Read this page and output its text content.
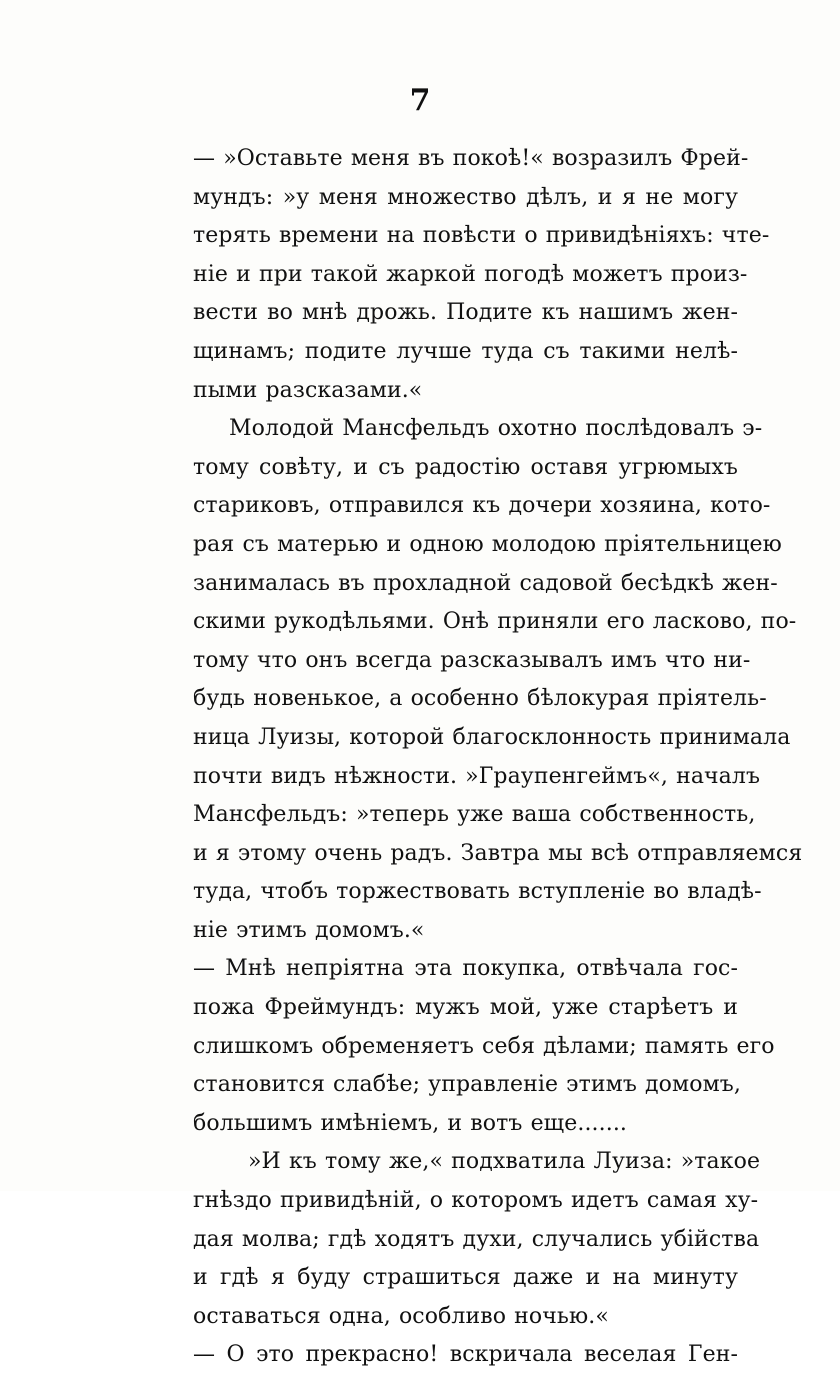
7
— »Оставьте меня въ покоѣ!« возразилъ Фрей-
мундъ: »у меня множество дѣлъ, и я не могу
терять времени на повѣсти о привидѣніяхъ: чте-
ніе и при такой жаркой погодѣ можетъ произ-
вести во мнѣ дрожь. Подите къ нашимъ жен-
щинамъ; подите лучше туда съ такими нелѣ-
пыми разсказами.«
Молодой Мансфельдъ охотно послѣдовалъ э-
тому совѣту, и съ радостію оставя угрюмыхъ
стариковъ, отправился къ дочери хозяина, кото-
рая съ матерью и одною молодою пріятельницею
занималась въ прохладной садовой бесѣдкѣ жен-
скими рукодѣльями. Онѣ приняли его ласково, по-
тому что онъ всегда разсказывалъ имъ что ни-
будь новенькое, а особенно бѣлокурая пріятель-
ница Луизы, которой благосклонность принимала
почти видъ нѣжности. »Граупенгеймъ«, началъ
Мансфельдъ: »теперь уже ваша собственность,
и я этому очень радъ. Завтра мы всѣ отправляемся
туда, чтобъ торжествовать вступленіе во владѣ-
ніе этимъ домомъ.«
— Мнѣ непріятна эта покупка, отвѣчала гос-
пожа Фреймундъ: мужъ мой, уже старѣетъ и
слишкомъ обременяетъ себя дѣлами; память его
становится слабѣе; управленіе этимъ домомъ,
большимъ имѣніемъ, и вотъ еще.......
»И къ тому же,« подхватила Луиза: »такое
гнѣздо привидѣній, о которомъ идетъ самая ху-
дая молва; гдѣ ходятъ духи, случались убійства
и гдѣ я буду страшиться даже и на минуту
оставаться одна, особливо ночью.«
— О это прекрасно! вскричала веселая Ген-
